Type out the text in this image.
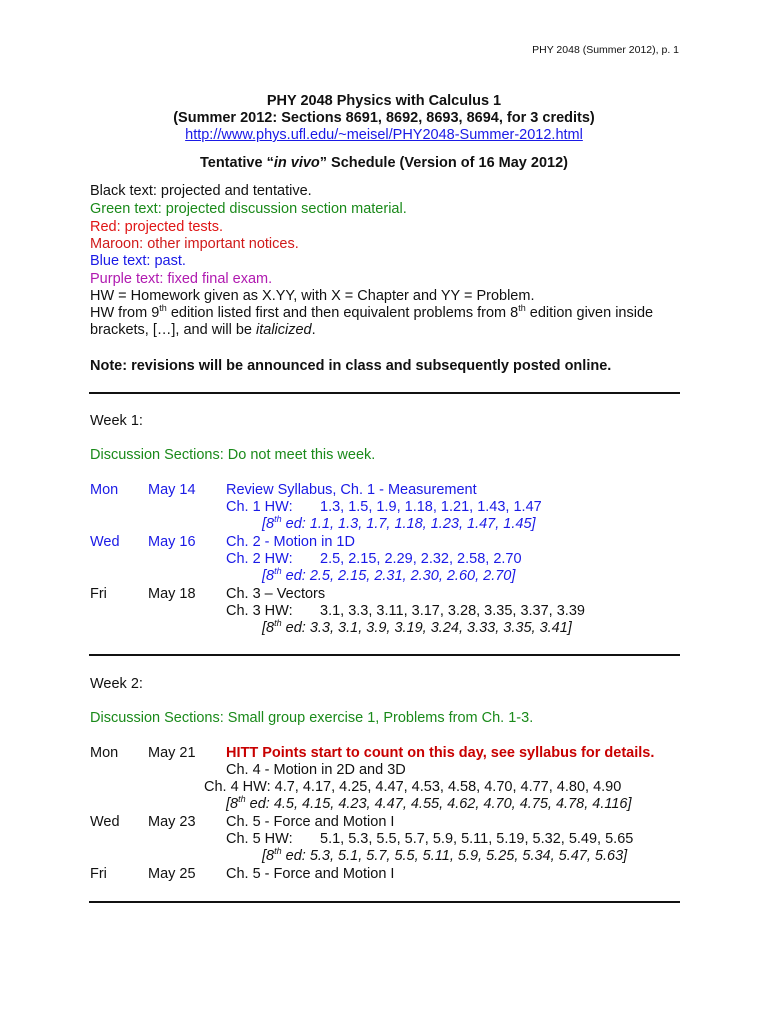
PHY 2048 (Summer 2012), p. 1
PHY 2048 Physics with Calculus 1
(Summer 2012: Sections 8691, 8692, 8693, 8694, for 3 credits)
http://www.phys.ufl.edu/~meisel/PHY2048-Summer-2012.html
Tentative “in vivo” Schedule (Version of 16 May 2012)
Black text: projected and tentative.
Green text: projected discussion section material.
Red: projected tests.
Maroon: other important notices.
Blue text: past.
Purple text: fixed final exam.
HW = Homework given as X.YY, with X = Chapter and YY = Problem.
HW from 9th edition listed first and then equivalent problems from 8th edition given inside
brackets, […], and will be italicized.
Note: revisions will be announced in class and subsequently posted online.
Week 1:
Discussion Sections: Do not meet this week.
Mon May 14 Review Syllabus, Ch. 1 - Measurement
Ch. 1 HW: 1.3, 1.5, 1.9, 1.18, 1.21, 1.43, 1.47
[8th ed: 1.1, 1.3, 1.7, 1.18, 1.23, 1.47, 1.45]
Wed May 16 Ch. 2 - Motion in 1D
Ch. 2 HW: 2.5, 2.15, 2.29, 2.32, 2.58, 2.70
[8th ed: 2.5, 2.15, 2.31, 2.30, 2.60, 2.70]
Fri	May 18 Ch. 3 – Vectors
Ch. 3 HW: 3.1, 3.3, 3.11, 3.17, 3.28, 3.35, 3.37, 3.39
[8th ed: 3.3, 3.1, 3.9, 3.19, 3.24, 3.33, 3.35, 3.41]
Week 2:
Discussion Sections: Small group exercise 1, Problems from Ch. 1-3.
Mon May 21 HITT Points start to count on this day, see syllabus for details.
Ch. 4 - Motion in 2D and 3D
Ch. 4 HW: 4.7, 4.17, 4.25, 4.47, 4.53, 4.58, 4.70, 4.77, 4.80, 4.90
[8th ed: 4.5, 4.15, 4.23, 4.47, 4.55, 4.62, 4.70, 4.75, 4.78, 4.116]
Wed May 23 Ch. 5 - Force and Motion I
Ch. 5 HW: 5.1, 5.3, 5.5, 5.7, 5.9, 5.11, 5.19, 5.32, 5.49, 5.65
[8th ed: 5.3, 5.1, 5.7, 5.5, 5.11, 5.9, 5.25, 5.34, 5.47, 5.63]
Fri	May 25 Ch. 5 - Force and Motion I
